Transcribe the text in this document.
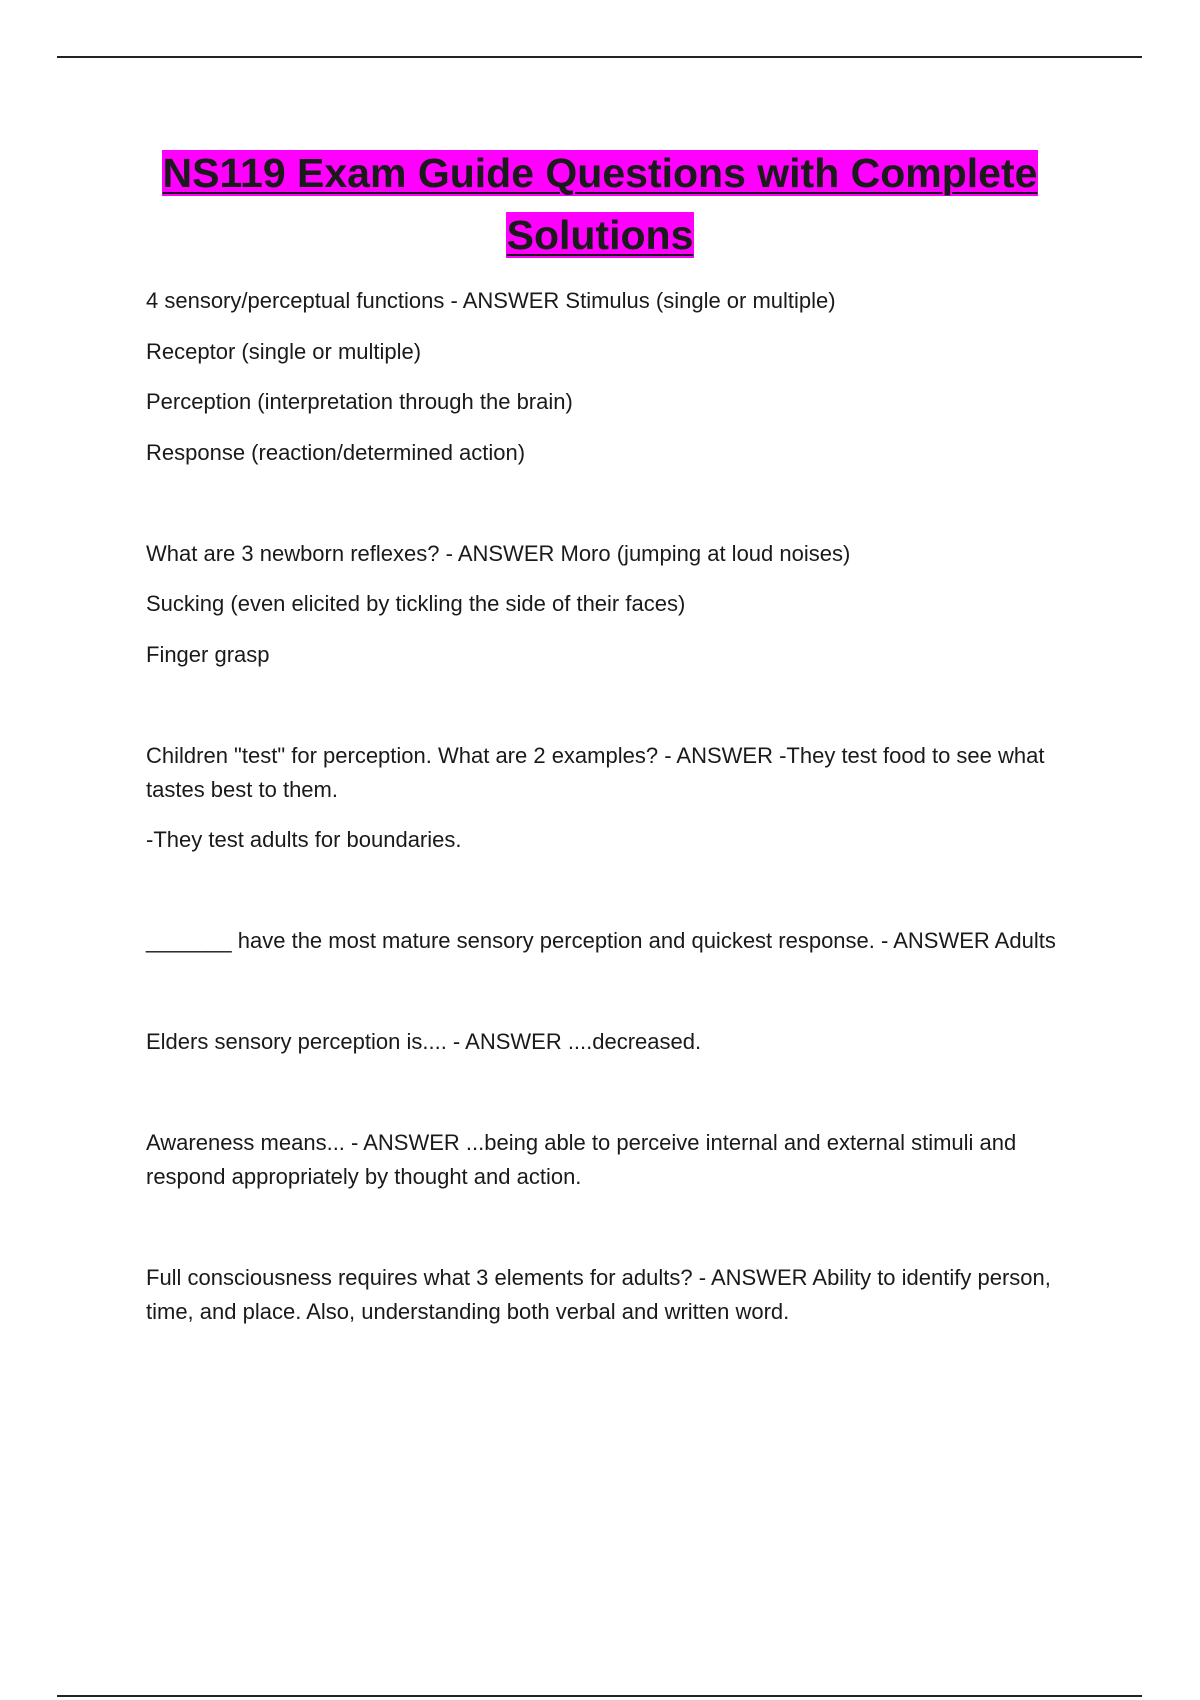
NS119 Exam Guide Questions with Complete Solutions

4 sensory/perceptual functions - ANSWER Stimulus (single or multiple)

Receptor (single or multiple)

Perception (interpretation through the brain)

Response (reaction/determined action)

What are 3 newborn reflexes? - ANSWER Moro (jumping at loud noises)

Sucking (even elicited by tickling the side of their faces)

Finger grasp

Children "test" for perception. What are 2 examples? - ANSWER -They test food to see what tastes best to them.

-They test adults for boundaries.

_______ have the most mature sensory perception and quickest response. - ANSWER Adults

Elders sensory perception is.... - ANSWER ....decreased.

Awareness means... - ANSWER ...being able to perceive internal and external stimuli and respond appropriately by thought and action.

Full consciousness requires what 3 elements for adults? - ANSWER Ability to identify person, time, and place. Also, understanding both verbal and written word.
